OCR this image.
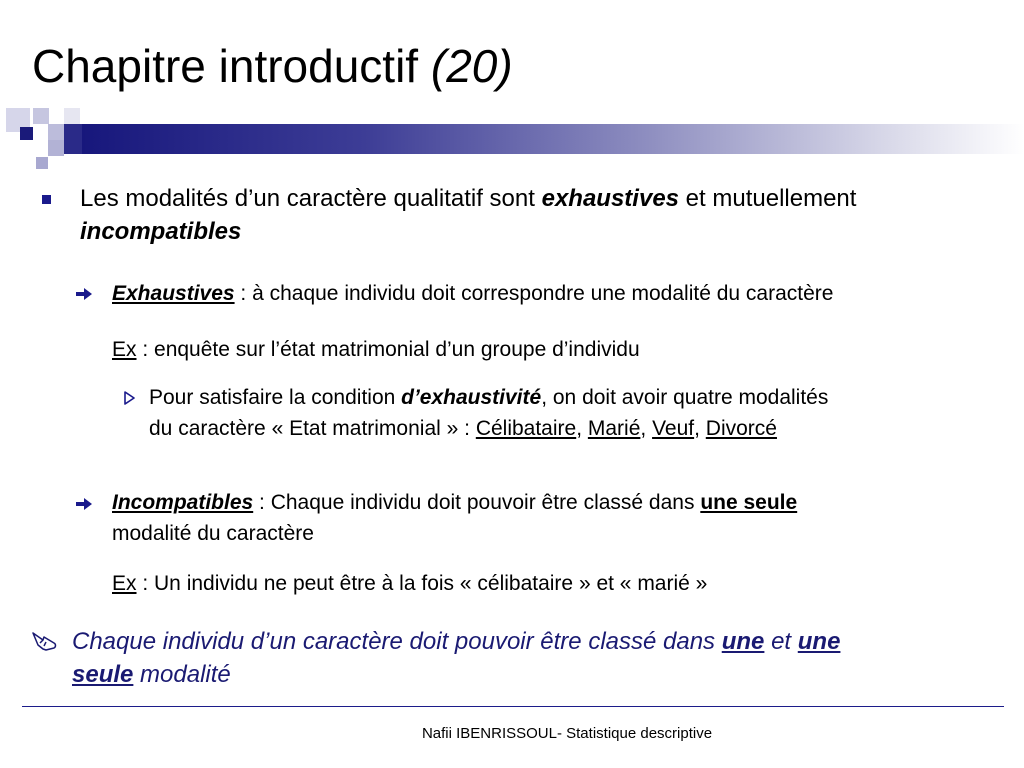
Chapitre introductif (20)
Les modalités d’un caractère qualitatif sont exhaustives et mutuellement
incompatibles
Exhaustives : à chaque individu doit correspondre une modalité du caractère
Ex : enquête sur l’état matrimonial d’un groupe d’individu
Pour satisfaire la condition d’exhaustivité, on doit avoir quatre modalités
du caractère « Etat matrimonial » : Célibataire, Marié, Veuf, Divorcé
Incompatibles : Chaque individu doit pouvoir être classé dans une seule
modalité du caractère
Ex : Un individu ne peut être à la fois « célibataire » et « marié »
Chaque individu d’un caractère doit pouvoir être classé dans une et une
seule modalité
Nafii IBENRISSOUL- Statistique descriptive
